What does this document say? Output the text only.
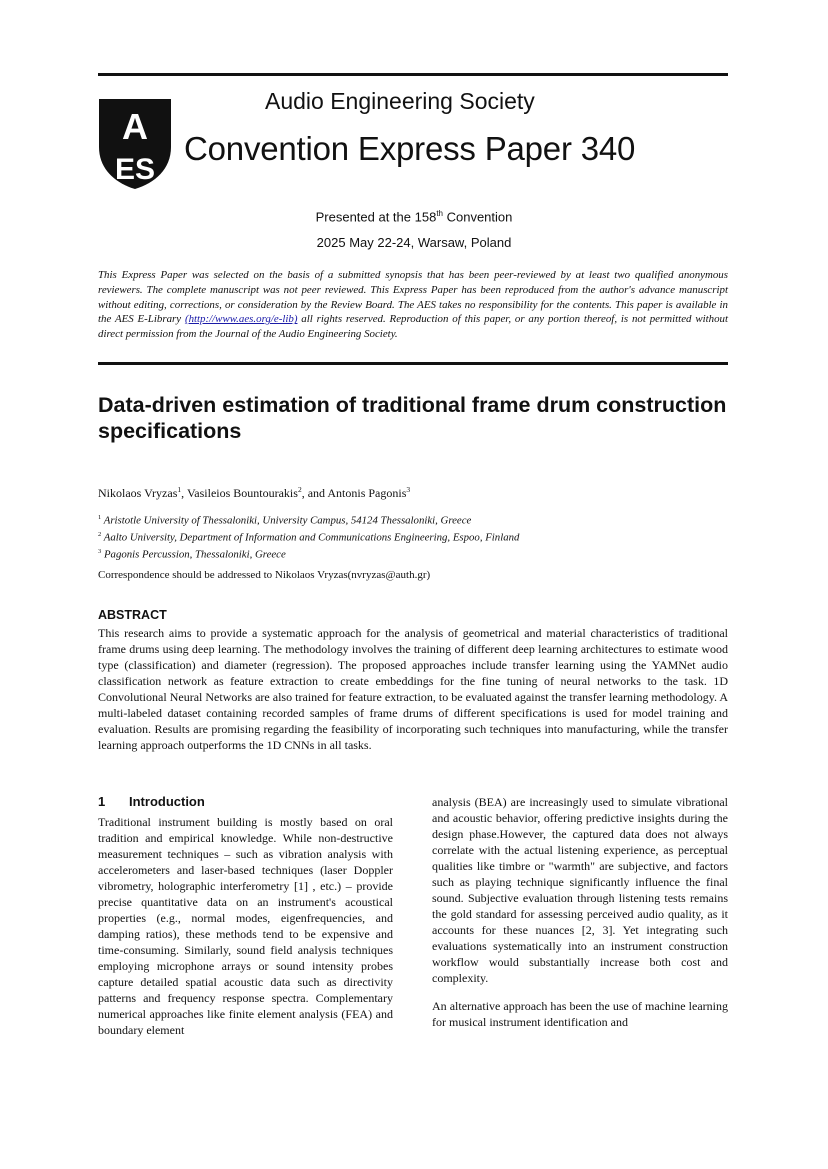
A
ES
Audio Engineering Society
Convention Express Paper 340
Presented at the 158th Convention
2025 May 22-24, Warsaw, Poland
This Express Paper was selected on the basis of a submitted synopsis that has been peer-reviewed by at least two qualified anonymous reviewers. The complete manuscript was not peer reviewed. This Express Paper has been reproduced from the author's advance manuscript without editing, corrections, or consideration by the Review Board. The AES takes no responsibility for the contents. This paper is available in the AES E-Library (http://www.aes.org/e-lib) all rights reserved. Reproduction of this paper, or any portion thereof, is not permitted without direct permission from the Journal of the Audio Engineering Society.
Data-driven estimation of traditional frame drum construction specifications
Nikolaos Vryzas$^1$, Vasileios Bountourakis$^2$, and Antonis Pagonis$^3$
$^1$ Aristotle University of Thessaloniki, University Campus, 54124 Thessaloniki, Greece
$^2$ Aalto University, Department of Information and Communications Engineering, Espoo, Finland
$^3$ Pagonis Percussion, Thessaloniki, Greece
Correspondence should be addressed to Nikolaos Vryzas(nvryzas@auth.gr)
ABSTRACT
This research aims to provide a systematic approach for the analysis of geometrical and material characteristics of traditional frame drums using deep learning. The methodology involves the training of different deep learning architectures to estimate wood type (classification) and diameter (regression). The proposed approaches include transfer learning using the YAMNet audio classification network as feature extraction to create embeddings for the fine tuning of neural networks to the task. 1D Convolutional Neural Networks are also trained for feature extraction, to be evaluated against the transfer learning methodology. A multi-labeled dataset containing recorded samples of frame drums of different specifications is used for model training and evaluation. Results are promising regarding the feasibility of incorporating such techniques into manufacturing, while the transfer learning approach outperforms the 1D CNNs in all tasks.
1 Introduction
Traditional instrument building is mostly based on oral tradition and empirical knowledge. While non-destructive measurement techniques – such as vibration analysis with accelerometers and laser-based techniques (laser Doppler vibrometry, holographic interferometry [1] , etc.) – provide precise quantitative data on an instrument's acoustical properties (e.g., normal modes, eigenfrequencies, and damping ratios), these methods tend to be expensive and time-consuming. Similarly, sound field analysis techniques employing microphone arrays or sound intensity probes capture detailed spatial acoustic data such as directivity patterns and frequency response spectra. Complementary numerical approaches like finite element analysis (FEA) and boundary element

analysis (BEA) are increasingly used to simulate vibrational and acoustic behavior, offering predictive insights during the design phase.However, the captured data does not always correlate with the actual listening experience, as perceptual qualities like timbre or "warmth" are subjective, and factors such as playing technique significantly influence the final sound. Subjective evaluation through listening tests remains the gold standard for assessing perceived audio quality, as it accounts for these nuances [2, 3]. Yet integrating such evaluations systematically into an instrument construction workflow would substantially increase both cost and complexity.

An alternative approach has been the use of machine learning for musical instrument identification and
